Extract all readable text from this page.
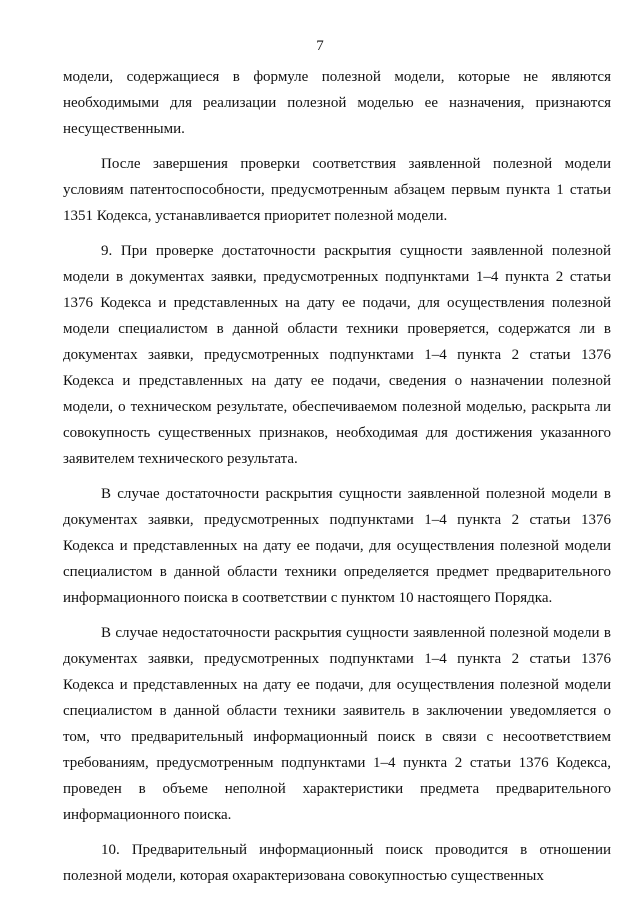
7

модели, содержащиеся в формуле полезной модели, которые не являются необходимыми для реализации полезной моделью ее назначения, признаются несущественными.

После завершения проверки соответствия заявленной полезной модели условиям патентоспособности, предусмотренным абзацем первым пункта 1 статьи 1351 Кодекса, устанавливается приоритет полезной модели.

9. При проверке достаточности раскрытия сущности заявленной полезной модели в документах заявки, предусмотренных подпунктами 1–4 пункта 2 статьи 1376 Кодекса и представленных на дату ее подачи, для осуществления полезной модели специалистом в данной области техники проверяется, содержатся ли в документах заявки, предусмотренных подпунктами 1–4 пункта 2 статьи 1376 Кодекса и представленных на дату ее подачи, сведения о назначении полезной модели, о техническом результате, обеспечиваемом полезной моделью, раскрыта ли совокупность существенных признаков, необходимая для достижения указанного заявителем технического результата.

В случае достаточности раскрытия сущности заявленной полезной модели в документах заявки, предусмотренных подпунктами 1–4 пункта 2 статьи 1376 Кодекса и представленных на дату ее подачи, для осуществления полезной модели специалистом в данной области техники определяется предмет предварительного информационного поиска в соответствии с пунктом 10 настоящего Порядка.

В случае недостаточности раскрытия сущности заявленной полезной модели в документах заявки, предусмотренных подпунктами 1–4 пункта 2 статьи 1376 Кодекса и представленных на дату ее подачи, для осуществления полезной модели специалистом в данной области техники заявитель в заключении уведомляется о том, что предварительный информационный поиск в связи с несоответствием требованиям, предусмотренным подпунктами 1–4 пункта 2 статьи 1376 Кодекса, проведен в объеме неполной характеристики предмета предварительного информационного поиска.

10. Предварительный информационный поиск проводится в отношении полезной модели, которая охарактеризована совокупностью существенных
